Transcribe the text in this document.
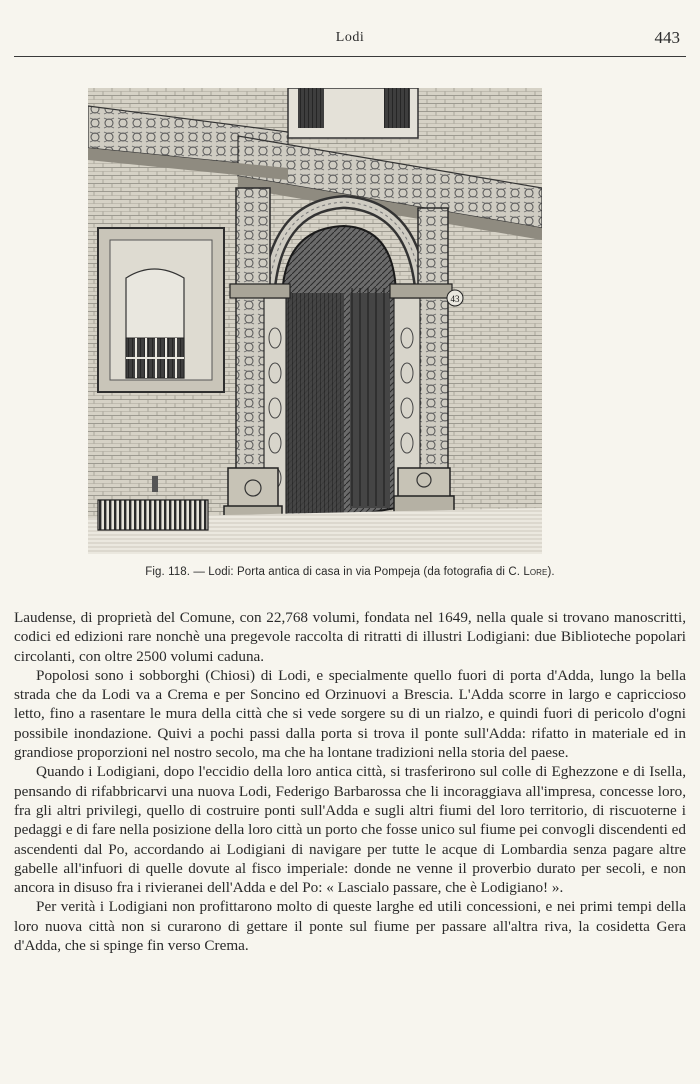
Lodi	443
43
Fig. 118. — Lodi: Porta antica di casa in via Pompeja (da fotografia di C. Lore).

Laudense, di proprietà del Comune, con 22,768 volumi, fondata nel 1649, nella quale si trovano manoscritti, codici ed edizioni rare nonchè una pregevole raccolta di ritratti di illustri Lodigiani: due Biblioteche popolari circolanti, con oltre 2500 volumi caduna.

Popolosi sono i sobborghi (Chiosi) di Lodi, e specialmente quello fuori di porta d'Adda, lungo la bella strada che da Lodi va a Crema e per Soncino ed Orzinuovi a Brescia. L'Adda scorre in largo e capriccioso letto, fino a rasentare le mura della città che si vede sorgere su di un rialzo, e quindi fuori di pericolo d'ogni possibile inondazione. Quivi a pochi passi dalla porta si trova il ponte sull'Adda: rifatto in materiale ed in grandiose proporzioni nel nostro secolo, ma che ha lontane tradizioni nella storia del paese.

Quando i Lodigiani, dopo l'eccidio della loro antica città, si trasferirono sul colle di Eghezzone e di Isella, pensando di rifabbricarvi una nuova Lodi, Federigo Barbarossa che li incoraggiava all'impresa, concesse loro, fra gli altri privilegi, quello di costruire ponti sull'Adda e sugli altri fiumi del loro territorio, di riscuoterne i pedaggi e di fare nella posizione della loro città un porto che fosse unico sul fiume pei convogli discendenti ed ascendenti dal Po, accordando ai Lodigiani di navigare per tutte le acque di Lombardia senza pagare altre gabelle all'infuori di quelle dovute al fisco imperiale: donde ne venne il proverbio durato per secoli, e non ancora in disuso fra i rivieranei dell'Adda e del Po: « Lascialo passare, che è Lodigiano! ».

Per verità i Lodigiani non profittarono molto di queste larghe ed utili concessioni, e nei primi tempi della loro nuova città non si curarono di gettare il ponte sul fiume per passare all'altra riva, la cosidetta Gera d'Adda, che si spinge fin verso Crema.
